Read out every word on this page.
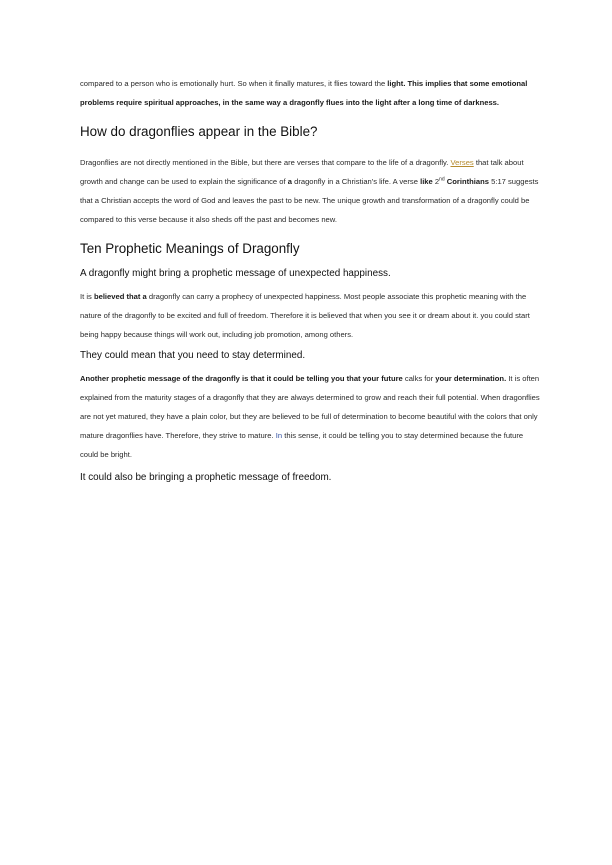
compared to a person who is emotionally hurt. So when it finally matures, it flies toward the light. This implies that some emotional problems require spiritual approaches, in the same way a dragonfly flues into the light after a long time of darkness.

How do dragonflies appear in the Bible?

Dragonflies are not directly mentioned in the Bible, but there are verses that compare to the life of a dragonfly. Verses that talk about growth and change can be used to explain the significance of a dragonfly in a Christian's life. A verse like 2nd Corinthians 5:17 suggests that a Christian accepts the word of God and leaves the past to be new. The unique growth and transformation of a dragonfly could be compared to this verse because it also sheds off the past and becomes new.

Ten Prophetic Meanings of Dragonfly
A dragonfly might bring a prophetic message of unexpected happiness.

It is believed that a dragonfly can carry a prophecy of unexpected happiness. Most people associate this prophetic meaning with the nature of the dragonfly to be excited and full of freedom. Therefore it is believed that when you see it or dream about it. you could start being happy because things will work out, including job promotion, among others.

They could mean that you need to stay determined.

Another prophetic message of the dragonfly is that it could be telling you that your future calks for your determination. It is often explained from the maturity stages of a dragonfly that they are always determined to grow and reach their full potential. When dragonflies are not yet matured, they have a plain color, but they are believed to be full of determination to become beautiful with the colors that only mature dragonflies have. Therefore, they strive to mature. In this sense, it could be telling you to stay determined because the future could be bright.

It could also be bringing a prophetic message of freedom.
